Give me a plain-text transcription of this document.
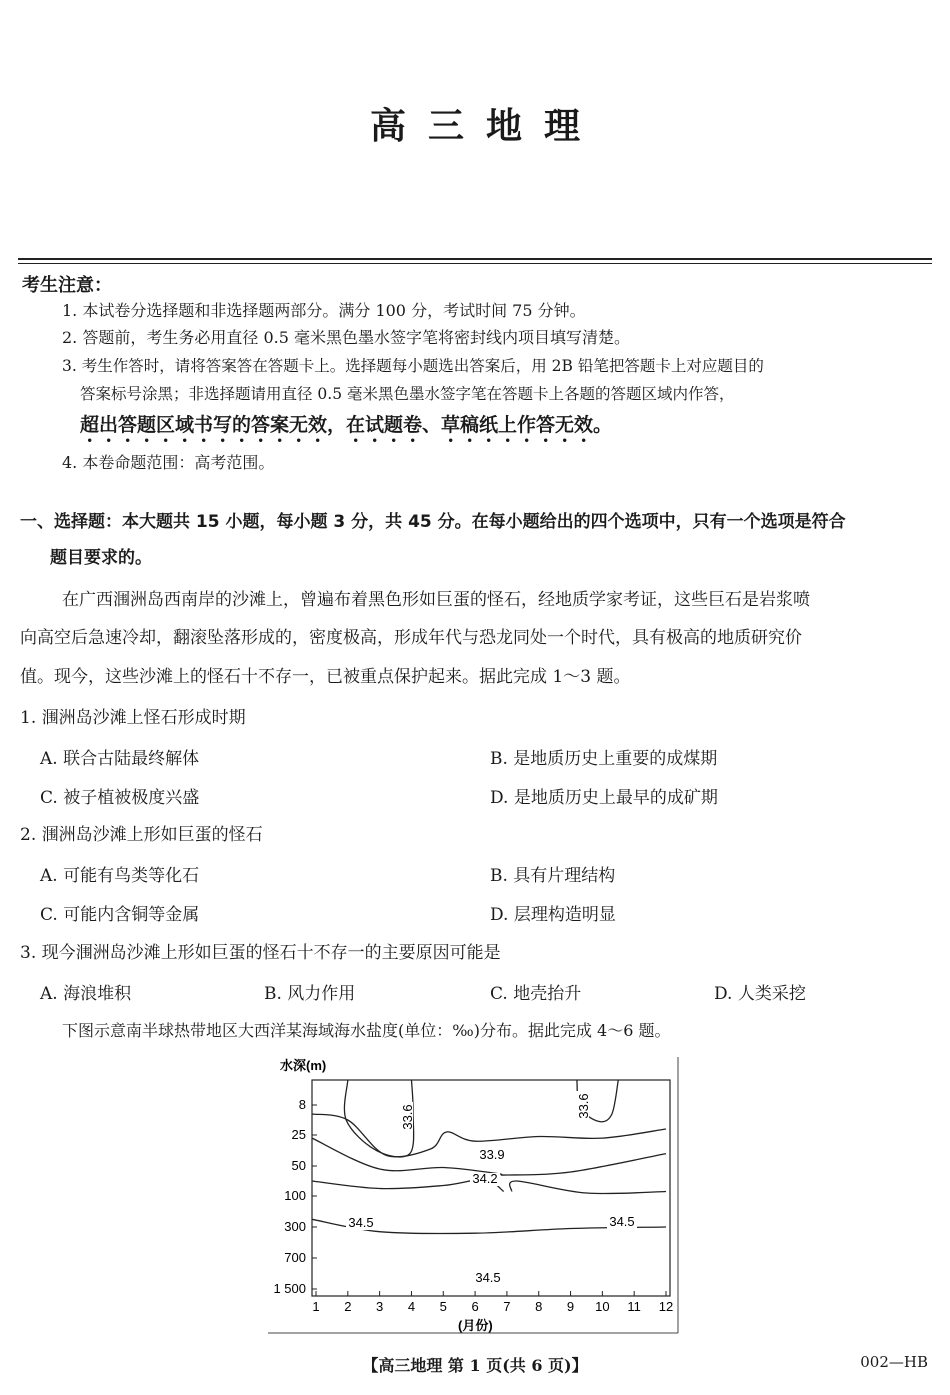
高三地理
考生注意：
1. 本试卷分选择题和非选择题两部分。满分 100 分，考试时间 75 分钟。
2. 答题前，考生务必用直径 0.5 毫米黑色墨水签字笔将密封线内项目填写清楚。
3. 考生作答时，请将答案答在答题卡上。选择题每小题选出答案后，用 2B 铅笔把答题卡上对应题目的
答案标号涂黑；非选择题请用直径 0.5 毫米黑色墨水签字笔在答题卡上各题的答题区域内作答，
超出答题区域书写的答案无效，在试题卷、草稿纸上作答无效。
4. 本卷命题范围：高考范围。
一、选择题：本大题共 15 小题，每小题 3 分，共 45 分。在每小题给出的四个选项中，只有一个选项是符合
题目要求的。
在广西涠洲岛西南岸的沙滩上，曾遍布着黑色形如巨蛋的怪石，经地质学家考证，这些巨石是岩浆喷
向高空后急速冷却，翻滚坠落形成的，密度极高，形成年代与恐龙同处一个时代，具有极高的地质研究价
值。现今，这些沙滩上的怪石十不存一，已被重点保护起来。据此完成 1～3 题。
1. 涠洲岛沙滩上怪石形成时期
A. 联合古陆最终解体	B. 是地质历史上重要的成煤期
C. 被子植被极度兴盛	D. 是地质历史上最早的成矿期
2. 涠洲岛沙滩上形如巨蛋的怪石
A. 可能有鸟类等化石	B. 具有片理结构
C. 可能内含铜等金属	D. 层理构造明显
3. 现今涠洲岛沙滩上形如巨蛋的怪石十不存一的主要原因可能是
A. 海浪堆积	B. 风力作用	C. 地壳抬升	D. 人类采挖
下图示意南半球热带地区大西洋某海域海水盐度(单位：‰)分布。据此完成 4～6 题。
水深(m)
8
25
50
100
300
700
1 500
1 2 3 4 5 6 7 8 9 10 11 12
33.6	33.6
33.9
34.2
34.5	34.5
34.5
(月份)
【高三地理 第 1 页(共 6 页)】	002—HB
